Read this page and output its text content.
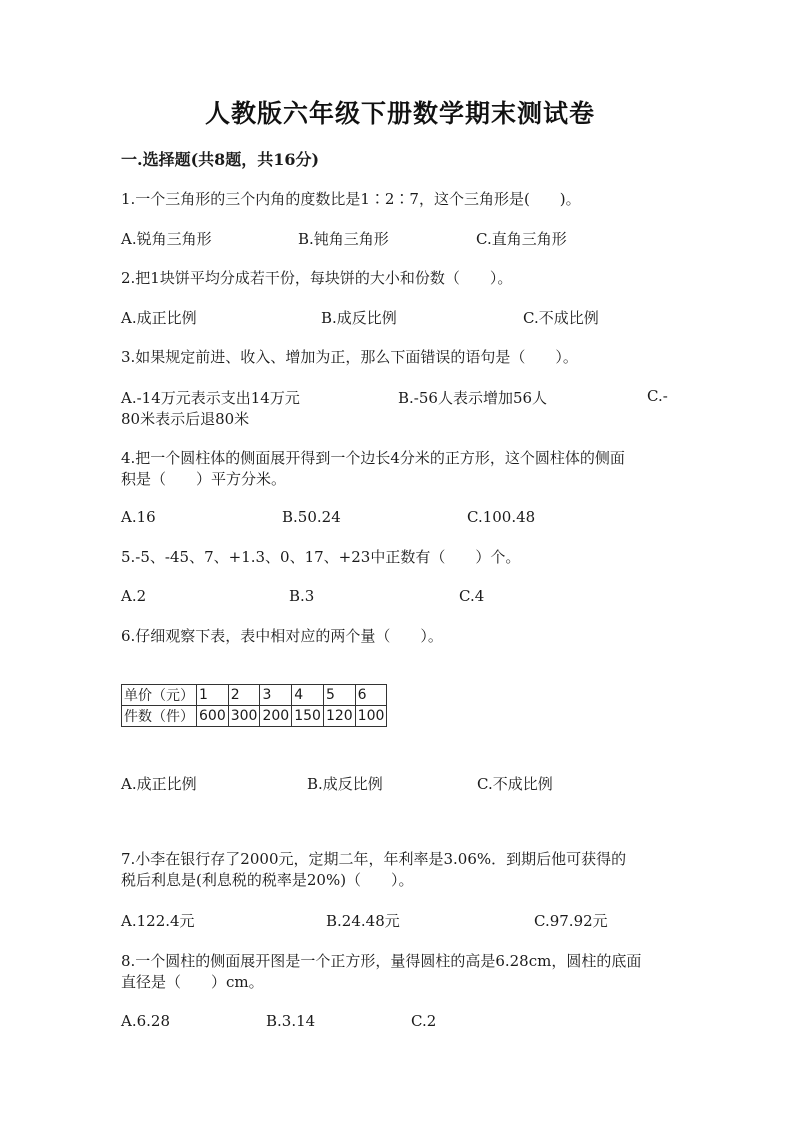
人教版六年级下册数学期末测试卷
一.选择题(共8题，共16分)
1.一个三角形的三个内角的度数比是1∶2∶7，这个三角形是(　　)。
A.锐角三角形	B.钝角三角形	C.直角三角形
2.把1块饼平均分成若干份，每块饼的大小和份数（　　）。
A.成正比例	B.成反比例	C.不成比例
3.如果规定前进、收入、增加为正，那么下面错误的语句是（　　）。
A.-14万元表示支出14万元	B.-56人表示增加56人	C.-
80米表示后退80米
4.把一个圆柱体的侧面展开得到一个边长4分米的正方形，这个圆柱体的侧面
积是（　　）平方分米。
A.16	B.50.24	C.100.48
5.-5、-45、7、+1.3、0、17、+23中正数有（　　）个。
A.2	B.3	C.4
6.仔细观察下表，表中相对应的两个量（　　）。
单价（元）	1	2	3	4	5	6
件数（件）	600	300	200	150	120	100
A.成正比例	B.成反比例	C.不成比例
7.小李在银行存了2000元，定期二年，年利率是3.06%．到期后他可获得的
税后利息是(利息税的税率是20%)（　　）。
A.122.4元	B.24.48元	C.97.92元
8.一个圆柱的侧面展开图是一个正方形，量得圆柱的高是6.28cm，圆柱的底面
直径是（　　）cm。
A.6.28	B.3.14	C.2
